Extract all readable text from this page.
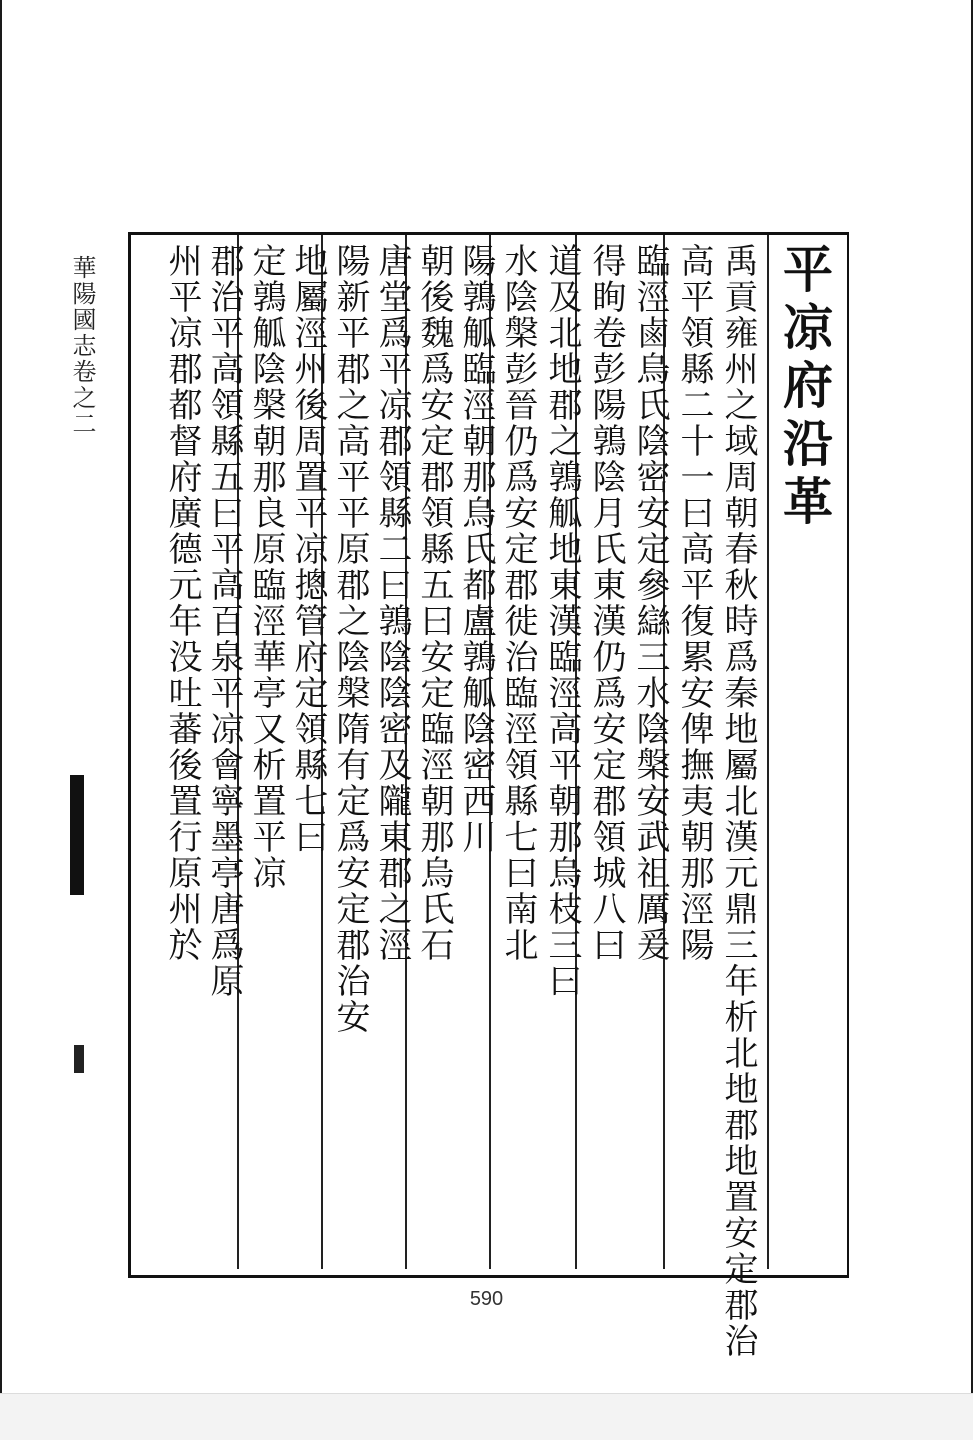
華陽國志卷之二	平凉府沿革
禹貢雍州之域周朝春秋時爲秦地屬北漢元鼎三年析北地郡地置安定郡治
高平領縣二十一曰高平復累安俾撫夷朝那涇陽
臨涇鹵烏氏陰密安定參䜌三水陰槃安武祖厲爰
得眴卷彭陽鶉陰月氏東漢仍爲安定郡領城八曰
道及北地郡之鶉觚地東漢臨涇高平朝那烏枝三曰
水陰槃彭晉仍爲安定郡徙治臨涇領縣七曰南北
陽鶉觚臨涇朝那烏氏都盧鶉觚陰密西川
朝後魏爲安定郡領縣五曰安定臨涇朝那烏氏石
唐堂爲平凉郡領縣二曰鶉陰陰密及隴東郡之涇
陽新平郡之高平平原郡之陰槃隋有定爲安定郡治安
地屬涇州後周置平凉摠管府定領縣七曰
定鶉觚陰槃朝那良原臨涇華亭又析置平凉
郡治平高領縣五曰平高百泉平凉會寧墨亭唐爲原
州平凉郡都督府廣德元年没吐蕃後置行原州於
590
